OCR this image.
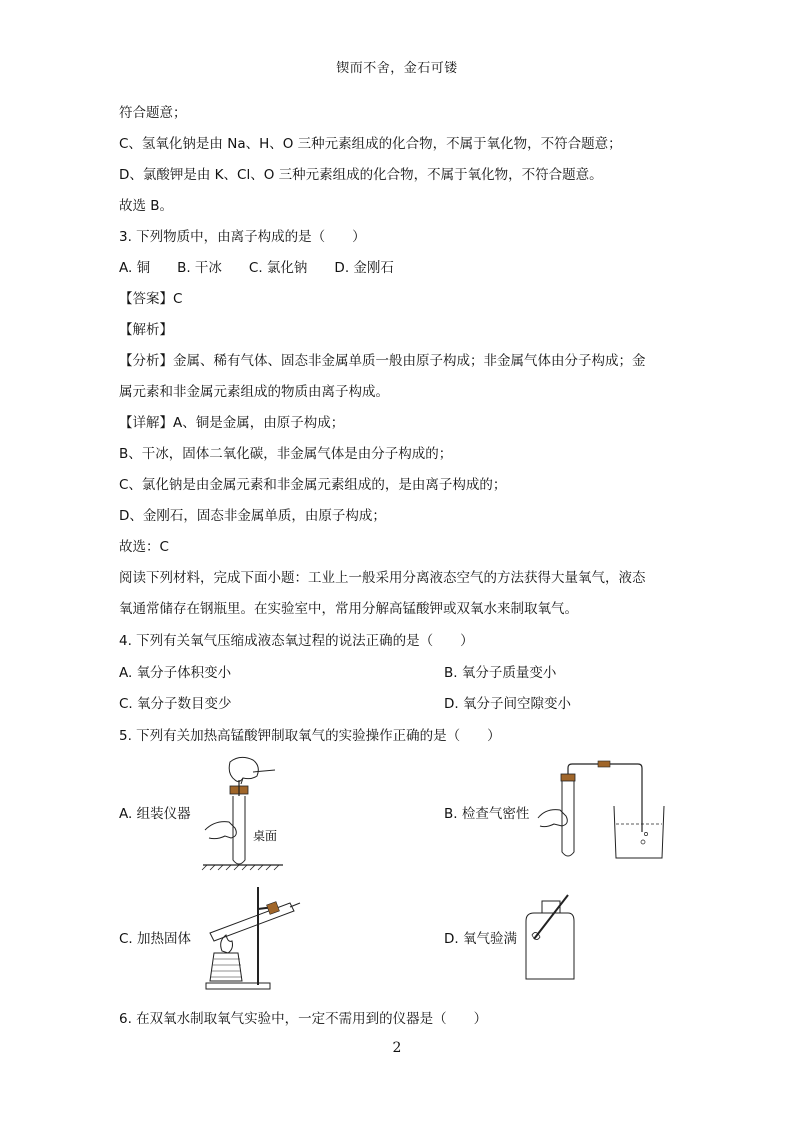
锲而不舍，金石可镂
符合题意；
C、氢氧化钠是由 Na、H、O 三种元素组成的化合物，不属于氧化物，不符合题意；
D、氯酸钾是由 K、Cl、O 三种元素组成的化合物，不属于氧化物，不符合题意。
故选 B。
3. 下列物质中，由离子构成的是（　　）
A. 铜　　B. 干冰　　C. 氯化钠　　D. 金刚石
【答案】C
【解析】
【分析】金属、稀有气体、固态非金属单质一般由原子构成；非金属气体由分子构成；金
属元素和非金属元素组成的物质由离子构成。
【详解】A、铜是金属，由原子构成；
B、干冰，固体二氧化碳，非金属气体是由分子构成的；
C、氯化钠是由金属元素和非金属元素组成的，是由离子构成的；
D、金刚石，固态非金属单质，由原子构成；
故选：C
阅读下列材料，完成下面小题：工业上一般采用分离液态空气的方法获得大量氧气，液态
氧通常储存在钢瓶里。在实验室中，常用分解高锰酸钾或双氧水来制取氧气。
4. 下列有关氧气压缩成液态氧过程的说法正确的是（　　）
A. 氧分子体积变小	B. 氧分子质量变小
C. 氧分子数目变少	D. 氧分子间空隙变小
5. 下列有关加热高锰酸钾制取氧气的实验操作正确的是（　　）
A. 组装仪器	B. 检查气密性
C. 加热固体	D. 氧气验满
桌面
6. 在双氧水制取氧气实验中，一定不需用到的仪器是（　　）
2
